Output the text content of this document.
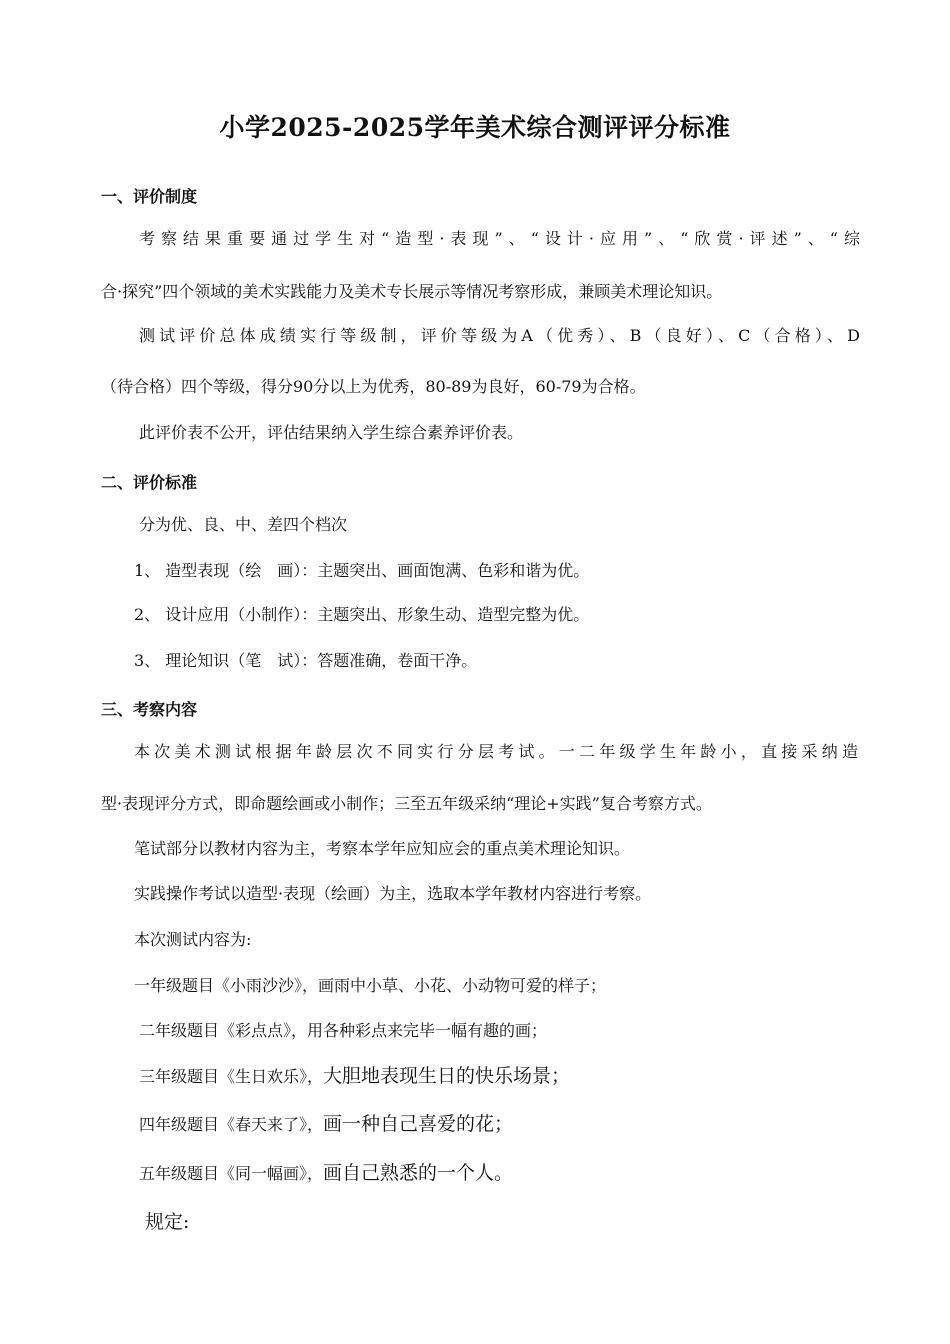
小学2025-2025学年美术综合测评评分标准
一、评价制度
考察结果重要通过学生对“造型·表现”、“设计·应用”、“欣赏·评述”、“综
合·探究”四个领域的美术实践能力及美术专长展示等情况考察形成，兼顾美术理论知识。
测试评价总体成绩实行等级制，评价等级为A（优秀）、B（良好）、C（合格）、D
（待合格）四个等级，得分90分以上为优秀，80-89为良好，60-79为合格。
此评价表不公开，评估结果纳入学生综合素养评价表。
二、评价标准
分为优、良、中、差四个档次
1、 造型表现（绘　画）：主题突出、画面饱满、色彩和谐为优。
2、 设计应用（小制作）：主题突出、形象生动、造型完整为优。
3、 理论知识（笔　试）：答题准确，卷面干净。
三、考察内容
本次美术测试根据年龄层次不同实行分层考试。一二年级学生年龄小，直接采纳造
型·表现评分方式，即命题绘画或小制作；三至五年级采纳“理论+实践”复合考察方式。
笔试部分以教材内容为主，考察本学年应知应会的重点美术理论知识。
实践操作考试以造型·表现（绘画）为主，选取本学年教材内容进行考察。
本次测试内容为:
一年级题目《小雨沙沙》，画雨中小草、小花、小动物可爱的样子；
二年级题目《彩点点》，用各种彩点来完毕一幅有趣的画；
三年级题目《生日欢乐》，大胆地表现生日的快乐场景；
四年级题目《春天来了》，画一种自己喜爱的花；
五年级题目《同一幅画》，画自己熟悉的一个人。
规定:
